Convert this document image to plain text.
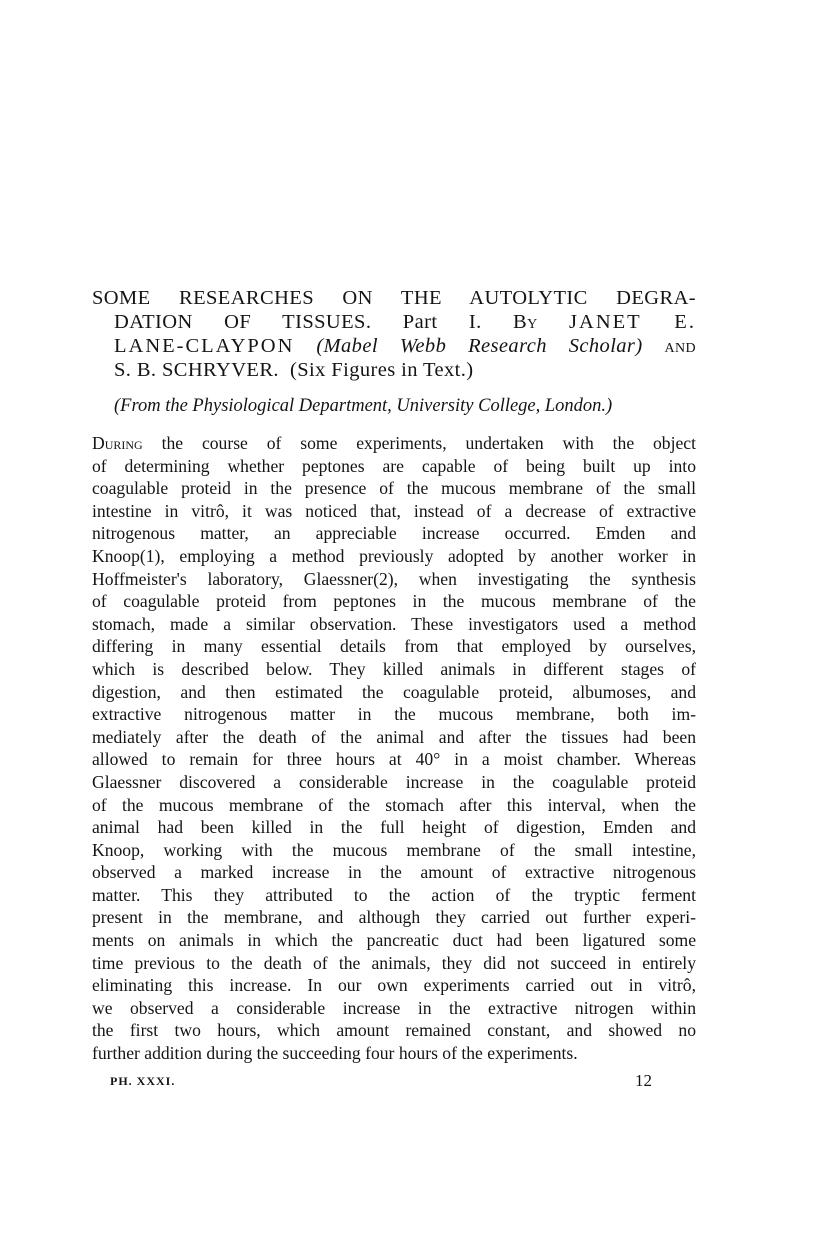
SOME RESEARCHES ON THE AUTOLYTIC DEGRA-
DATION OF TISSUES. Part I. By JANET E.
LANE-CLAYPON (Mabel Webb Research Scholar) and
S. B. SCHRYVER. (Six Figures in Text.)
(From the Physiological Department, University College, London.)
During the course of some experiments, undertaken with the object
of determining whether peptones are capable of being built up into
coagulable proteid in the presence of the mucous membrane of the small
intestine in vitrô, it was noticed that, instead of a decrease of extractive
nitrogenous matter, an appreciable increase occurred. Emden and
Knoop(1), employing a method previously adopted by another worker in
Hoffmeister's laboratory, Glaessner(2), when investigating the synthesis
of coagulable proteid from peptones in the mucous membrane of the
stomach, made a similar observation. These investigators used a method
differing in many essential details from that employed by ourselves,
which is described below. They killed animals in different stages of
digestion, and then estimated the coagulable proteid, albumoses, and
extractive nitrogenous matter in the mucous membrane, both im-
mediately after the death of the animal and after the tissues had been
allowed to remain for three hours at 40° in a moist chamber. Whereas
Glaessner discovered a considerable increase in the coagulable proteid
of the mucous membrane of the stomach after this interval, when the
animal had been killed in the full height of digestion, Emden and
Knoop, working with the mucous membrane of the small intestine,
observed a marked increase in the amount of extractive nitrogenous
matter. This they attributed to the action of the tryptic ferment
present in the membrane, and although they carried out further experi-
ments on animals in which the pancreatic duct had been ligatured some
time previous to the death of the animals, they did not succeed in entirely
eliminating this increase. In our own experiments carried out in vitrô,
we observed a considerable increase in the extractive nitrogen within
the first two hours, which amount remained constant, and showed no
further addition during the succeeding four hours of the experiments.
PH. XXXI.	12
